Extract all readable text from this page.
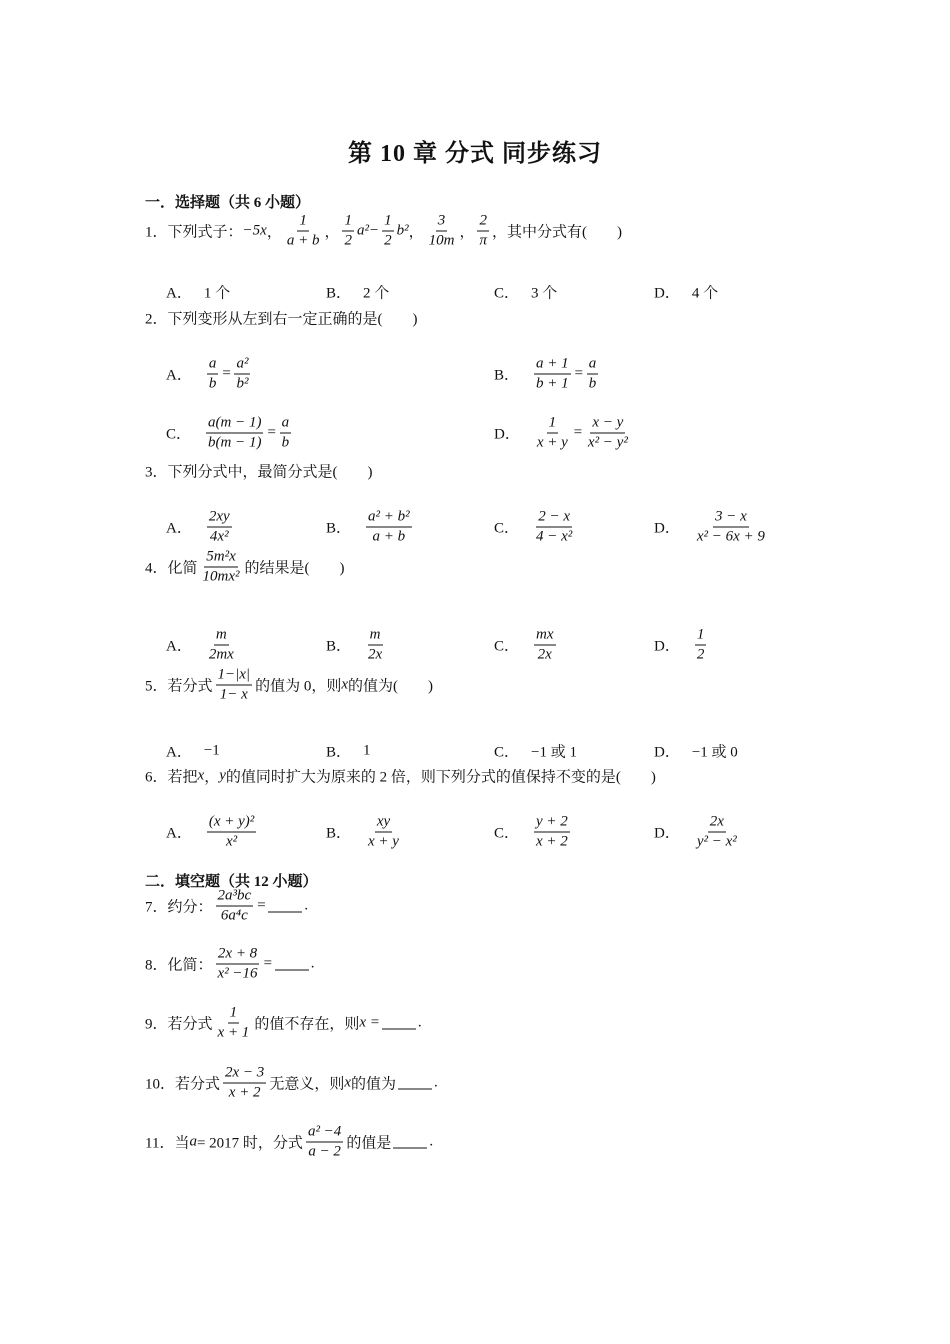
第 10 章 分式 同步练习
一．选择题（共 6 小题）
1． 下列式子： −5x ， $\frac{1}{a + b}$ ， $\frac{1}{2} a^2 - \frac{1}{2} b^2$ ， $\frac{3}{10m}$ ， $\frac{2}{\pi}$ ，其中分式有(　　)
A． 1 个	B． 2 个	C． 3 个	D． 4 个
2． 下列变形从左到右一定正确的是(　　)
A． $\frac{a}{b} = \frac{\text{a²}}{\text{b²}}$	B． $\frac{a + 1}{b + 1} = \frac{a}{b}$
C． $\frac{a(m - 1)}{b(m - 1)} = \frac{a}{b}$	D． $\frac{1}{x + y} = \frac{x - y}{\text{x² − y²}}$
3． 下列分式中，最简分式是(　　)
A． $\frac{2xy}{\text{4x²}}$	B． $\frac{\text{a² + b²}}{a + b}$	C． $\frac{2 - x}{\text{4 − x²}}$	D． $\frac{3 - x}{\text{x² − 6x + 9}}$
4． 化简 $\frac{\text{5m²x}}{\text{10mx²}}$ 的结果是(　　)
A． $\frac{m}{2mx}$	B． $\frac{m}{2x}$	C． $\frac{mx}{2x}$	D． $\frac{1}{2}$
5． 若分式 $\frac{1-|x|}{1- x}$ 的值为 0，则 x 的值为(　　)
A． −1	B． 1	C． −1 或 1	D． −1 或 0
6． 若把 x ， y 的值同时扩大为原来的 2 倍，则下列分式的值保持不变的是(　　)
A． $\frac{\text{(x + y)²}}{\text{x²}}$	B． $\frac{xy}{x + y}$	C． $\frac{y + 2}{x + 2}$	D． $\frac{2x}{\text{y² − x²}}$
二．填空题（共 12 小题）
7． 约分： $\frac{\text{2a³bc}}{\text{6a⁴c}}$ =	.
8． 化简： $\frac{2x + 8}{\text{x² −16}}$ =	.
9． 若分式 $\frac{1}{x + 1}$ 的值不存在，则 x =	.
10． 若分式 $\frac{2x - 3}{x + 2}$ 无意义，则 x 的值为	.
11． 当 a = 2017 时，分式 $\frac{\text{a² −4}}{a - 2}$ 的值是	.
